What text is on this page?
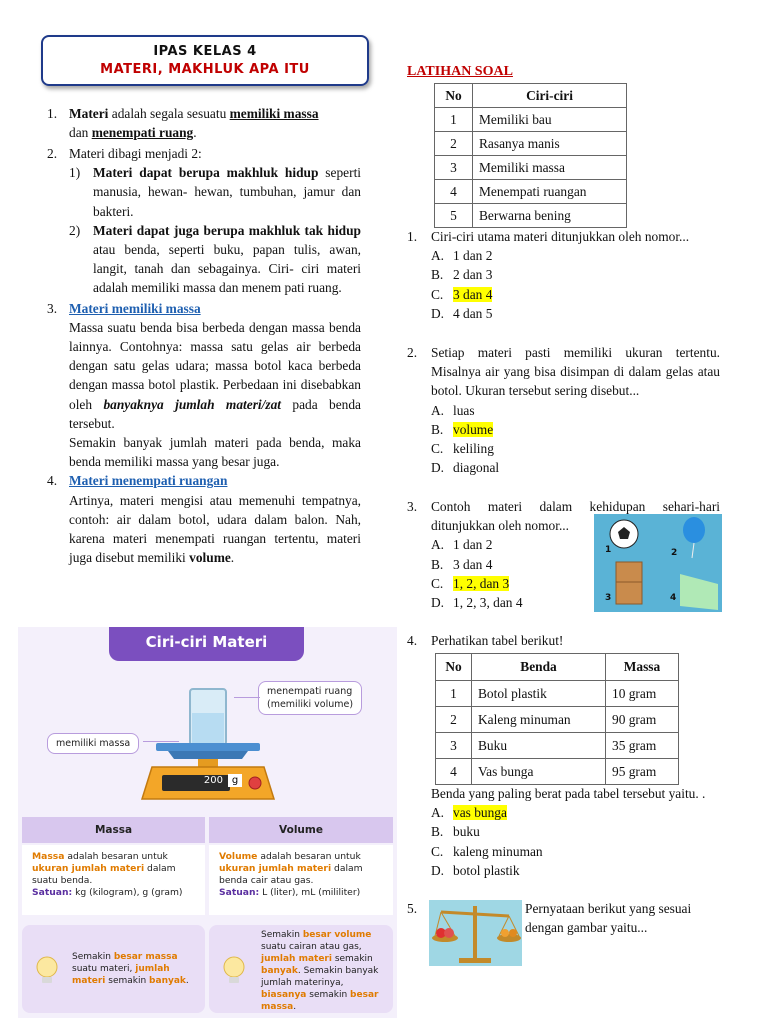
IPAS KELAS 4
MATERI, MAKHLUK APA ITU
1. Materi adalah segala sesuatu memiliki massa
dan menempati ruang.
2. Materi dibagi menjadi 2:
1) Materi dapat berupa makhluk hidup seperti manusia, hewan- hewan, tumbuhan, jamur dan bakteri.
2) Materi dapat juga berupa makhluk tak hidup atau benda, seperti buku, papan tulis, awan, langit, tanah dan sebagainya. Ciri- ciri materi adalah memiliki massa dan menem pati ruang.
3. Materi memiliki massa
Massa suatu benda bisa berbeda dengan massa benda lainnya. Contohnya: massa satu gelas air berbeda dengan satu gelas udara; massa botol kaca berbeda dengan massa botol plastik. Perbedaan ini disebabkan oleh banyaknya jumlah materi/zat pada benda tersebut.
Semakin banyak jumlah materi pada benda, maka benda memiliki massa yang besar juga.
4. Materi menempati ruangan
Artinya, materi mengisi atau memenuhi tempatnya, contoh: air dalam botol, udara dalam balon. Nah, karena materi menempati ruangan tertentu, materi juga disebut memiliki volume.
Ciri-ciri Materi
200 g
memiliki massa
menempati ruang
(memiliki volume)
Massa	Volume
Massa adalah besaran untuk ukuran jumlah materi dalam suatu benda.
Satuan: kg (kilogram), g (gram)
Volume adalah besaran untuk ukuran jumlah materi dalam benda cair atau gas.
Satuan: L (liter), mL (mililiter)
Semakin besar massa suatu materi, jumlah materi semakin banyak.
Semakin besar volume suatu cairan atau gas, jumlah materi semakin banyak. Semakin banyak jumlah materinya, biasanya semakin besar massa.
LATIHAN SOAL
No	Ciri-ciri
1	Memiliki bau
2	Rasanya manis
3	Memiliki massa
4	Menempati ruangan
5	Berwarna bening
1. Ciri-ciri utama materi ditunjukkan oleh nomor...
A. 1 dan 2
B. 2 dan 3
C. 3 dan 4
D. 4 dan 5
2. Setiap materi pasti memiliki ukuran tertentu. Misalnya air yang bisa disimpan di dalam gelas atau botol. Ukuran tersebut sering disebut...
A. luas
B. volume
C. keliling
D. diagonal
3. Contoh materi dalam kehidupan sehari-hari
ditunjukkan oleh nomor...
A. 1 dan 2
B. 3 dan 4
C. 1, 2, dan 3
D. 1, 2, 3, dan 4
1	2
3	4
4. Perhatikan tabel berikut!
No	Benda	Massa
1	Botol plastik	10 gram
2	Kaleng minuman	90 gram
3	Buku	35 gram
4	Vas bunga	95 gram
Benda yang paling berat pada tabel tersebut yaitu. .
A. vas bunga
B. buku
C. kaleng minuman
D. botol plastik
5.	Pernyataan berikut yang sesuai
dengan gambar yaitu...
